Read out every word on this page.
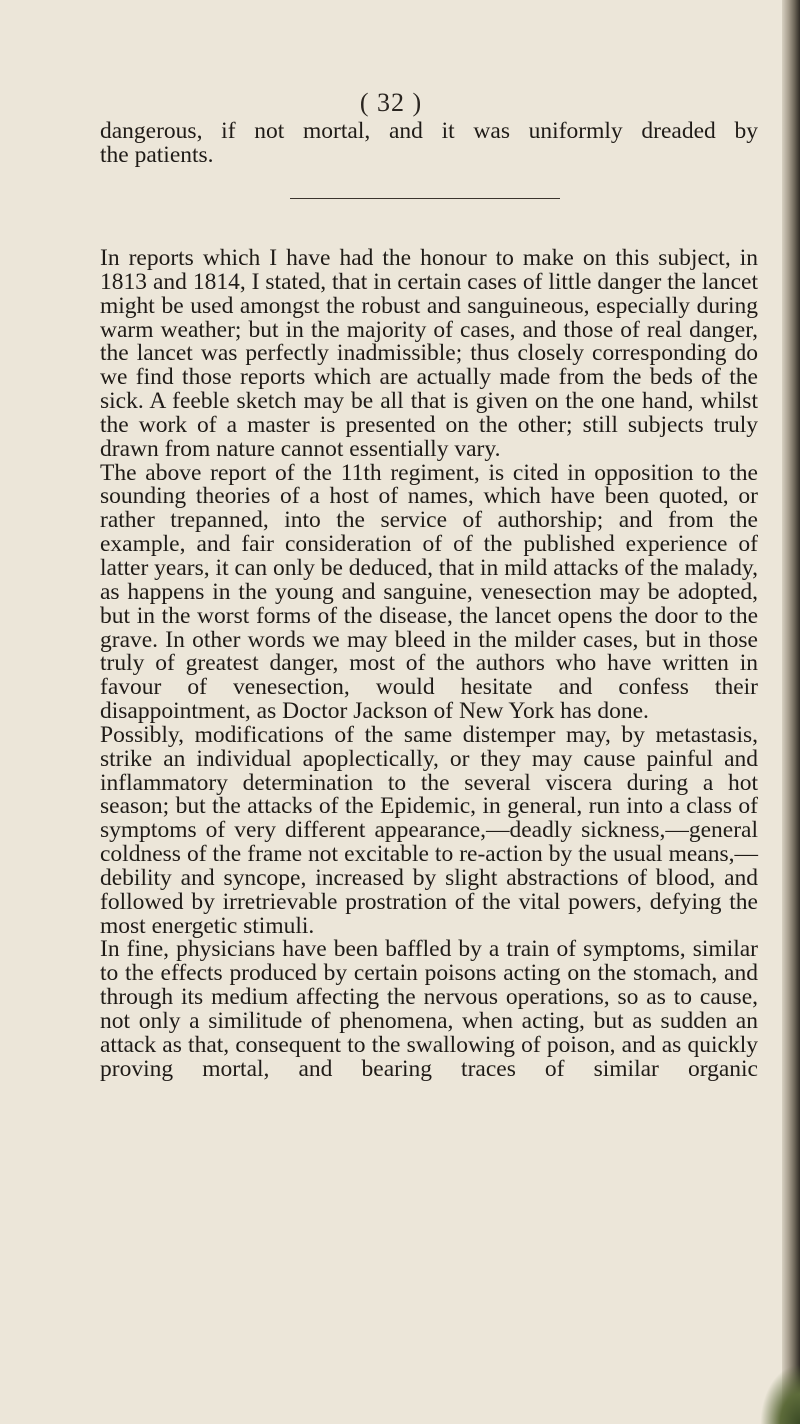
( 32 )

dangerous, if not mortal, and it was uniformly dreaded by

the patients.

In reports which I have had the honour to make on this subject, in 1813 and 1814, I stated, that in certain cases of little danger the lancet might be used amongst the robust and sanguineous, especially during warm weather; but in the majority of cases, and those of real danger, the lancet was perfectly inadmissible; thus closely corresponding do we find those reports which are actually made from the beds of the sick. A feeble sketch may be all that is given on the one hand, whilst the work of a master is presented on the other; still subjects truly drawn from nature cannot essentially vary.

The above report of the 11th regiment, is cited in opposition to the sounding theories of a host of names, which have been quoted, or rather trepanned, into the service of authorship; and from the example, and fair consideration of of the published experience of latter years, it can only be deduced, that in mild attacks of the malady, as happens in the young and sanguine, venesection may be adopted, but in the worst forms of the disease, the lancet opens the door to the grave. In other words we may bleed in the milder cases, but in those truly of greatest danger, most of the authors who have written in favour of venesection, would hesitate and confess their disappointment, as Doctor Jackson of New York has done.

Possibly, modifications of the same distemper may, by metastasis, strike an individual apoplectically, or they may cause painful and inflammatory determination to the several viscera during a hot season; but the attacks of the Epidemic, in general, run into a class of symptoms of very different appearance,—deadly sickness,—general coldness of the frame not excitable to re-action by the usual means,—debility and syncope, increased by slight abstractions of blood, and followed by irretrievable prostration of the vital powers, defying the most energetic stimuli.

In fine, physicians have been baffled by a train of symptoms, similar to the effects produced by certain poisons acting on the stomach, and through its medium affecting the nervous operations, so as to cause, not only a similitude of phenomena, when acting, but as sudden an attack as that, consequent to the swallowing of poison, and as quickly proving mortal, and bearing traces of similar organic
